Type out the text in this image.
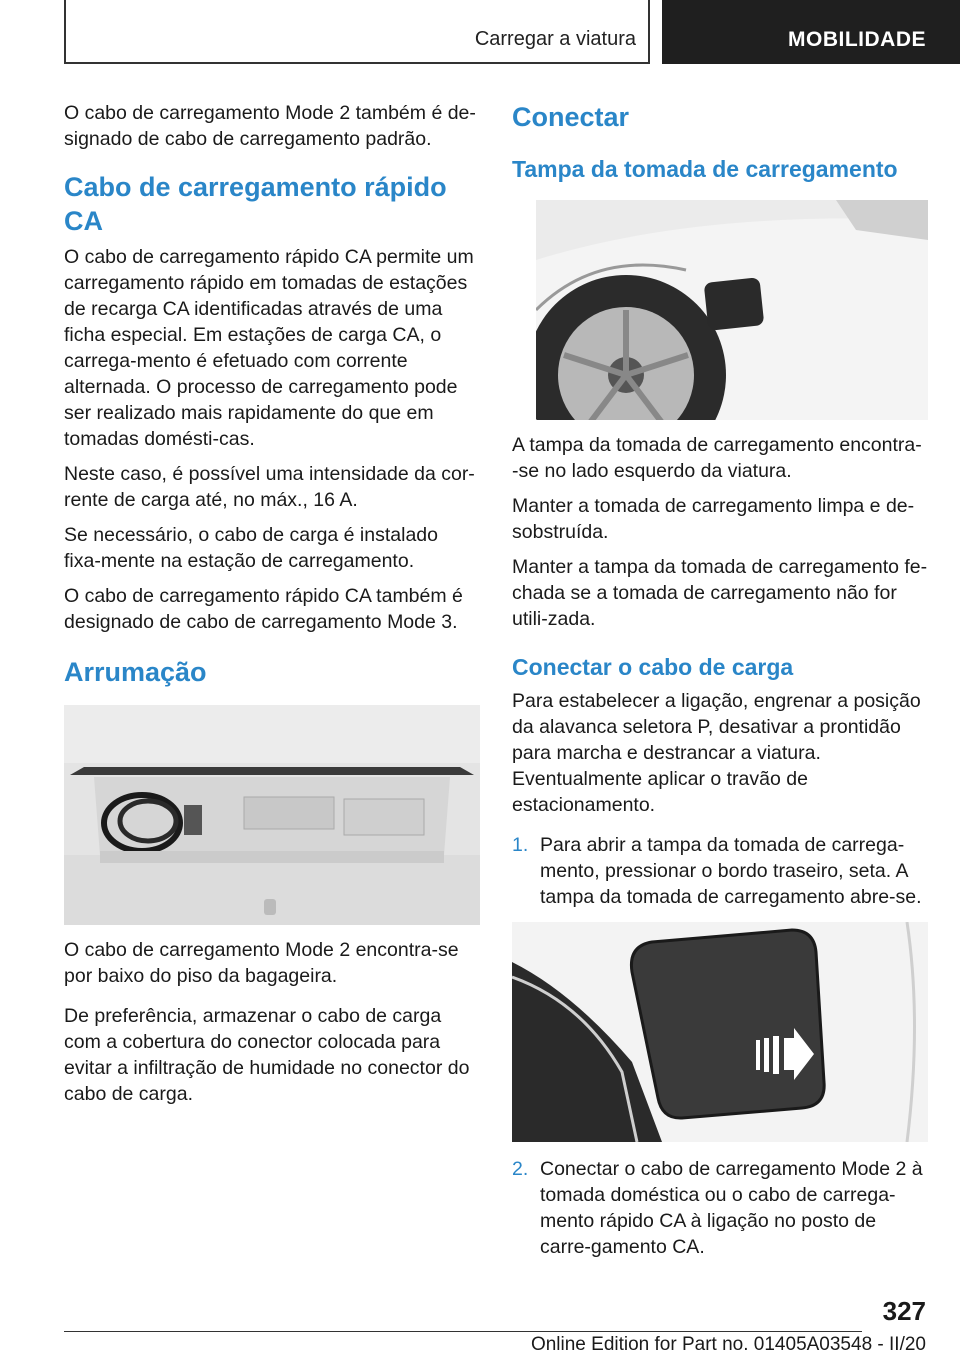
Carregar a viatura	MOBILIDADE

O cabo de carregamento Mode 2 também é de-signado de cabo de carregamento padrão.

Cabo de carregamento rápido CA

O cabo de carregamento rápido CA permite um carregamento rápido em tomadas de estações de recarga CA identificadas através de uma ficha especial. Em estações de carga CA, o carrega-mento é efetuado com corrente alternada. O processo de carregamento pode ser realizado mais rapidamente do que em tomadas domésti-cas.

Neste caso, é possível uma intensidade da cor-rente de carga até, no máx., 16 A.

Se necessário, o cabo de carga é instalado fixa-mente na estação de carregamento.

O cabo de carregamento rápido CA também é designado de cabo de carregamento Mode 3.

Arrumação

O cabo de carregamento Mode 2 encontra-se por baixo do piso da bagageira.

De preferência, armazenar o cabo de carga com a cobertura do conector colocada para evitar a infiltração de humidade no conector do cabo de carga.

Conectar
Tampa da tomada de carregamento

A tampa da tomada de carregamento encontra--se no lado esquerdo da viatura.

Manter a tomada de carregamento limpa e de-sobstruída.

Manter a tampa da tomada de carregamento fe-chada se a tomada de carregamento não for utili-zada.

Conectar o cabo de carga

Para estabelecer a ligação, engrenar a posição da alavanca seletora P, desativar a prontidão para marcha e destrancar a viatura. Eventualmente aplicar o travão de estacionamento.

1. Para abrir a tampa da tomada de carrega-mento, pressionar o bordo traseiro, seta. A tampa da tomada de carregamento abre-se.
2. Conectar o cabo de carregamento Mode 2 à tomada doméstica ou o cabo de carrega-mento rápido CA à ligação no posto de carre-gamento CA.
327
Online Edition for Part no. 01405A03548 - II/20
